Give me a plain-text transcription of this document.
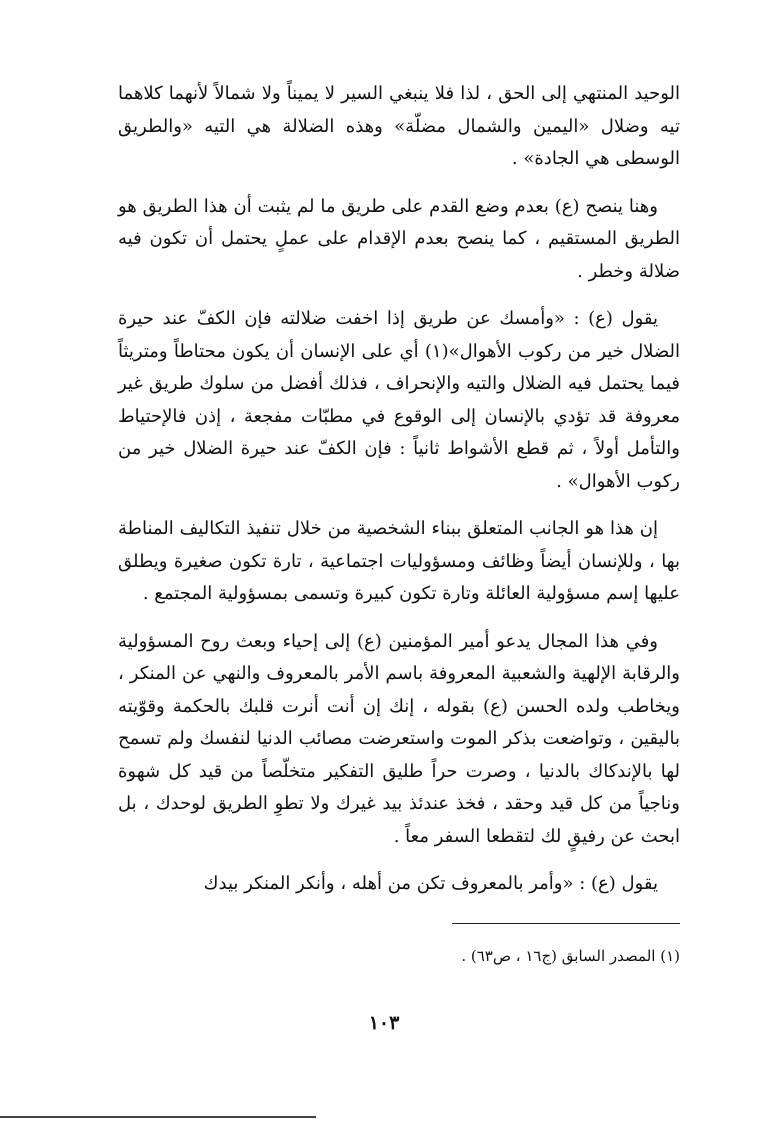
الوحيد المنتهي إلى الحق ، لذا فلا ينبغي السير لا يميناً ولا شمالاً لأنهما كلاهما تيه وضلال «اليمين والشمال مضلّة» وهذه الضلالة هي التيه «والطريق الوسطى هي الجادة» .

وهنا ينصح (ع) بعدم وضع القدم على طريق ما لم يثبت أن هذا الطريق هو الطريق المستقيم ، كما ينصح بعدم الإقدام على عملٍ يحتمل أن تكون فيه ضلالة وخطر .

يقول (ع) : «وأمسك عن طريق إذا اخفت ضلالته فإن الكفّ عند حيرة الضلال خير من ركوب الأهوال»(١) أي على الإنسان أن يكون محتاطاً ومتريثاً فيما يحتمل فيه الضلال والتيه والإنحراف ، فذلك أفضل من سلوك طريق غير معروفة قد تؤدي بالإنسان إلى الوقوع في مطبّات مفجعة ، إذن فالإحتياط والتأمل أولاً ، ثم قطع الأشواط ثانياً : فإن الكفّ عند حيرة الضلال خير من ركوب الأهوال» .

إن هذا هو الجانب المتعلق ببناء الشخصية من خلال تنفيذ التكاليف المناطة بها ، وللإنسان أيضاً وظائف ومسؤوليات اجتماعية ، تارة تكون صغيرة ويطلق عليها إسم مسؤولية العائلة وتارة تكون كبيرة وتسمى بمسؤولية المجتمع .

وفي هذا المجال يدعو أمير المؤمنين (ع) إلى إحياء وبعث روح المسؤولية والرقابة الإلهية والشعبية المعروفة باسم الأمر بالمعروف والنهي عن المنكر ، ويخاطب ولده الحسن (ع) بقوله ، إنك إن أنت أنرت قلبك بالحكمة وقوّيته باليقين ، وتواضعت بذكر الموت واستعرضت مصائب الدنيا لنفسك ولم تسمح لها بالإندكاك بالدنيا ، وصرت حراً طليق التفكير متخلّصاً من قيد كل شهوة وناجياً من كل قيد وحقد ، فخذ عندئذ بيد غيرك ولا تطوِ الطريق لوحدك ، بل ابحث عن رفيقٍ لك لتقطعا السفر معاً .

يقول (ع) : «وأمر بالمعروف تكن من أهله ، وأنكر المنكر بيدك

(١) المصدر السابق (ج١٦ ، ص٦٣) .
١٠٣
